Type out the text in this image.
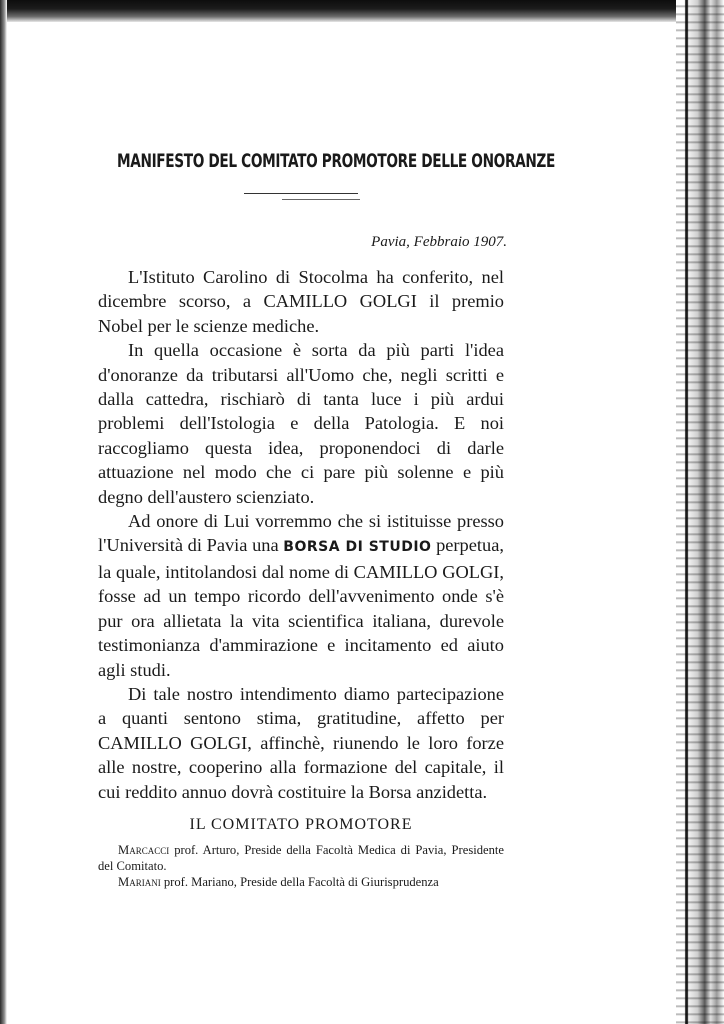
MANIFESTO DEL COMITATO PROMOTORE DELLE ONORANZE
Pavia, Febbraio 1907.

L'Istituto Carolino di Stocolma ha conferito, nel dicembre scorso, a CAMILLO GOLGI il premio Nobel per le scienze mediche.

In quella occasione è sorta da più parti l'idea d'onoranze da tributarsi all'Uomo che, negli scritti e dalla cattedra, rischiarò di tanta luce i più ardui problemi dell'Istologia e della Patologia. E noi raccogliamo questa idea, proponendoci di darle attuazione nel modo che ci pare più solenne e più degno dell'austero scienziato.

Ad onore di Lui vorremmo che si istituisse presso l'Università di Pavia una BORSA DI STUDIO perpetua, la quale, intitolandosi dal nome di CAMILLO GOLGI, fosse ad un tempo ricordo dell'avvenimento onde s'è pur ora allietata la vita scientifica italiana, durevole testimonianza d'ammirazione e incitamento ed aiuto agli studi.

Di tale nostro intendimento diamo partecipazione a quanti sentono stima, gratitudine, affetto per CAMILLO GOLGI, affinchè, riunendo le loro forze alle nostre, cooperino alla formazione del capitale, il cui reddito annuo dovrà costituire la Borsa anzidetta.

IL COMITATO PROMOTORE
Marcacci prof. Arturo, Preside della Facoltà Medica di Pavia, Presidente del Comitato.
Mariani prof. Mariano, Preside della Facoltà di Giurisprudenza
